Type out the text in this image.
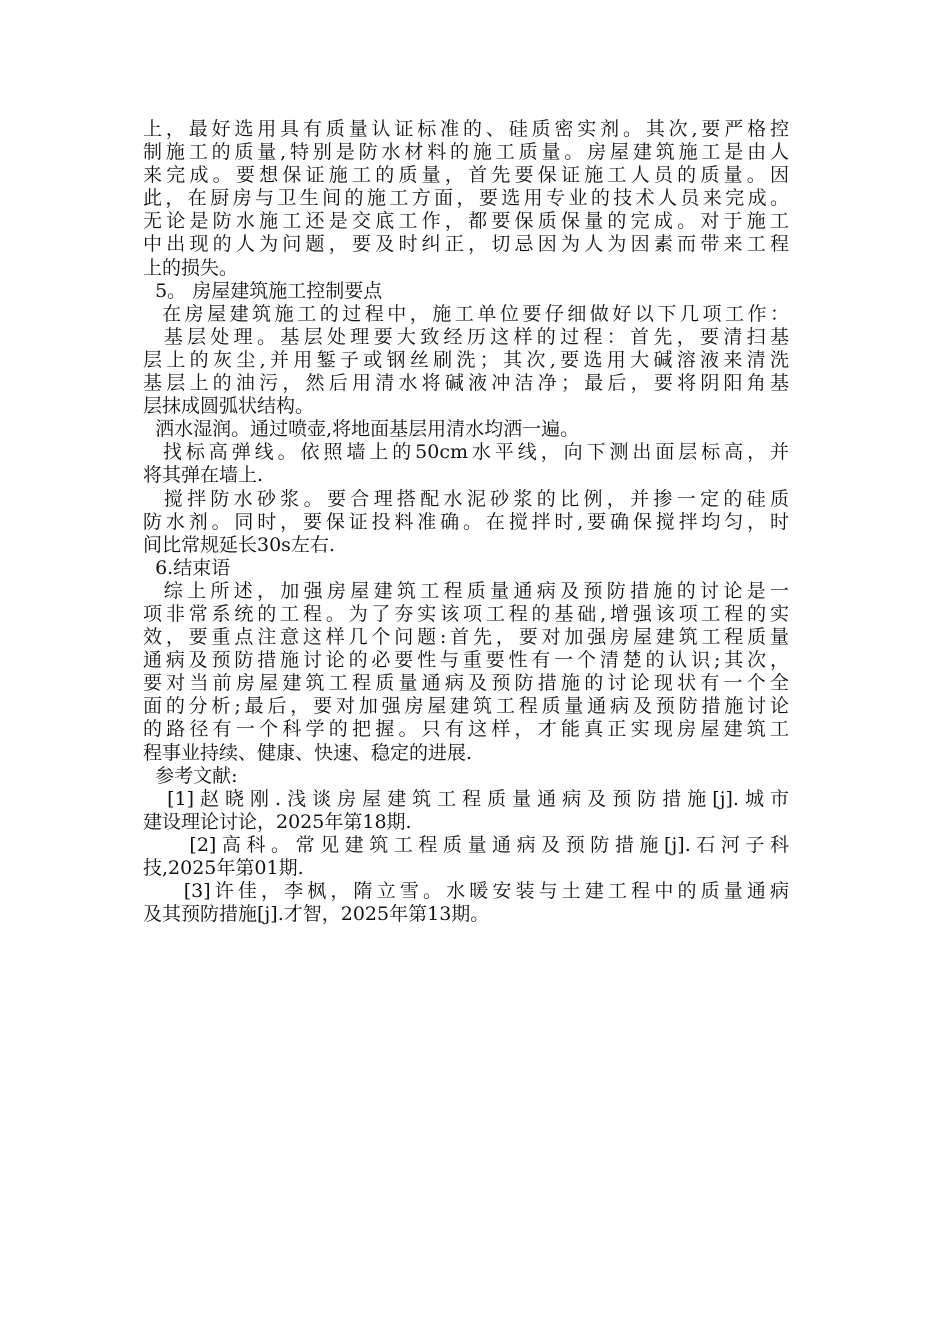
上，最好选用具有质量认证标准的、硅质密实剂。其次,要严格控
制施工的质量,特别是防水材料的施工质量。房屋建筑施工是由人
来完成。要想保证施工的质量，首先要保证施工人员的质量。因
此，在厨房与卫生间的施工方面，要选用专业的技术人员来完成。
无论是防水施工还是交底工作，都要保质保量的完成。对于施工
中出现的人为问题，要及时纠正，切忌因为人为因素而带来工程
上的损失。
5。 房屋建筑施工控制要点
在房屋建筑施工的过程中，施工单位要仔细做好以下几项工作：
基层处理。基层处理要大致经历这样的过程：首先，要清扫基
层上的灰尘,并用錾子或钢丝刷洗；其次,要选用大碱溶液来清洗
基层上的油污，然后用清水将碱液冲洁净；最后，要将阴阳角基
层抹成圆弧状结构。
洒水湿润。通过喷壶,将地面基层用清水均洒一遍。
找标高弹线。依照墙上的50cm水平线，向下测出面层标高，并
将其弹在墙上.
搅拌防水砂浆。要合理搭配水泥砂浆的比例，并掺一定的硅质
防水剂。同时，要保证投料准确。在搅拌时,要确保搅拌均匀，时
间比常规延长30s左右.
6.结束语
综上所述，加强房屋建筑工程质量通病及预防措施的讨论是一
项非常系统的工程。为了夯实该项工程的基础,增强该项工程的实
效，要重点注意这样几个问题:首先，要对加强房屋建筑工程质量
通病及预防措施讨论的必要性与重要性有一个清楚的认识;其次，
要对当前房屋建筑工程质量通病及预防措施的讨论现状有一个全
面的分析;最后，要对加强房屋建筑工程质量通病及预防措施讨论
的路径有一个科学的把握。只有这样，才能真正实现房屋建筑工
程事业持续、健康、快速、稳定的进展.
参考文献:
[1]赵晓刚.浅谈房屋建筑工程质量通病及预防措施[j].城市
建设理论讨论，2025年第18期.
[2]高科。常见建筑工程质量通病及预防措施[j].石河子科
技,2025年第01期.
[3]许佳，李枫，隋立雪。水暖安装与土建工程中的质量通病
及其预防措施[j].才智，2025年第13期。
